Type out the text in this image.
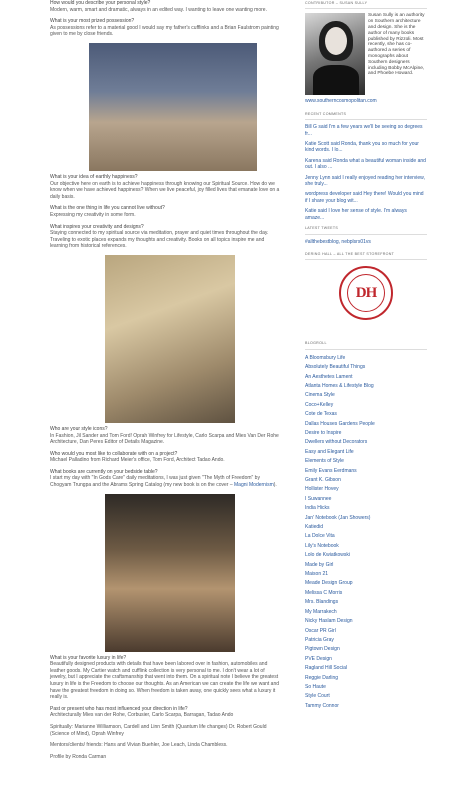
How would you describe your personal style?

Modern, warm, smart and dramatic, always in an edited way. I wanting to leave one wanting more.

What is your most prized possession?

As possessions refer to a material good I would say my father's cufflinks and a Brian Faulstrom painting given to me by close friends.

What is your idea of earthly happiness?

Our objective here on earth is to achieve happiness through knowing our Spiritual Source. How do we know when we have achieved happiness? When we live peaceful, joy filled lives that emanate love on a daily basis.

What is the one thing in life you cannot live without?

Expressing my creativity in some form.

What inspires your creativity and designs?

Staying connected to my spiritual source via meditation, prayer and quiet times throughout the day. Traveling to exotic places expands my thoughts and creativity. Books on all topics inspire me and learning from historical references.

Who are your style icons?

In Fashion, Jil Sander and Tom Ford! Oprah Winfrey for Lifestyle, Carlo Scarpa and Mies Van Der Rohe Architecture, Dan Peres Editor of Details Magazine.

Who would you most like to collaborate with on a project?

Michael Palladino from Richard Meier's office, Tom Ford, Architect Tadao Ando.

What books are currently on your bedside table?

I start my day with "In Gods Care" daily meditations, I was just given "The Myth of Freedom" by Chogyam Trungpa and the Abrams Spring Catalog (my new book is on the cover – Magni Modernism).

What is your favorite luxury in life?

Beautifully designed products with details that have been labored over in fashion, automobiles and leather goods. My Cartier watch and cufflink collection is very personal to me. I don't wear a lot of jewelry, but I appreciate the craftsmanship that went into them. On a spiritual note I believe the greatest luxury in life is the Freedom to choose our thoughts. As an American we can create the life we want and have the greatest freedom in doing so. When freedom is taken away, one quickly sees what a luxury it really is.

Past or present who has most influenced your direction in life?

Architecturally Mies van der Rohe, Corbusier, Carlo Scarpa, Barragan, Tadao Ando

Spiritually: Marianne Williamson, Cardell and Linn Smith (Quantum life changes) Dr. Robert Gould (Science of Mind), Oprah Winfrey

Mentors/clients/ friends: Hans and Vivian Buehler, Joe Leach, Linda Chambless.

Profile by Ronda Carman

CONTRIBUTOR – SUSAN SULLY
Susan Sully is an authority on Southern architecture and design. She is the author of many books published by Rizzoli. Most recently, she has co-authored a series of monographs about Southern designers including Bobby McAlpine, and Phoebe Howard.
www.southerncosmopolitan.com
RECENT COMMENTS

Bill G said I'm a few years we'll be seeing so degrees fr...

Katie Scott said Ronda, thank you so much for your kind words. I lo...

Karena said Ronda what a beautiful woman inside and out. I also ...

Jenny Lynn said I really enjoyed reading her interview, she truly...

wordpress developer said Hey there! Would you mind if I share your blog wit...

Katie said I love her sense of style. I'm always amaze...

LATEST TWEETS
#allthebestblog, nebplsrs01vs
DERING HALL – ALL THE BEST STOREFRONT
DH
BLOGROLL
A Bloomsbury Life
Absolutely Beautiful Things
An Aesthetes Lament
Atlanta Homes & Lifestyle Blog
Cinema Style
Coco+Kelley
Cote de Texas
Dallas Houses Gardens People
Desire to Inspire
Dwellers without Decorators
Easy and Elegant Life
Elements of Style
Emily Evans Eerdmans
Grant K. Gibson
Hollister Hovey
I Suwannee
India Hicks
Jan' Notebook (Jan Showers)
Katiedid
La Dolce Vita
Lily's Notebook
Lolo de Kwiatkowski
Made by Girl
Maison 21
Meade Design Group
Melissa C Morris
Mrs. Blandings
My Marrakech
Nicky Haslam Design
Oscar PR Girl
Patricia Gray
Pigtown Design
PVE Design
Ragland Hill Social
Reggie Darling
So Haute
Style Court
Tammy Connor
